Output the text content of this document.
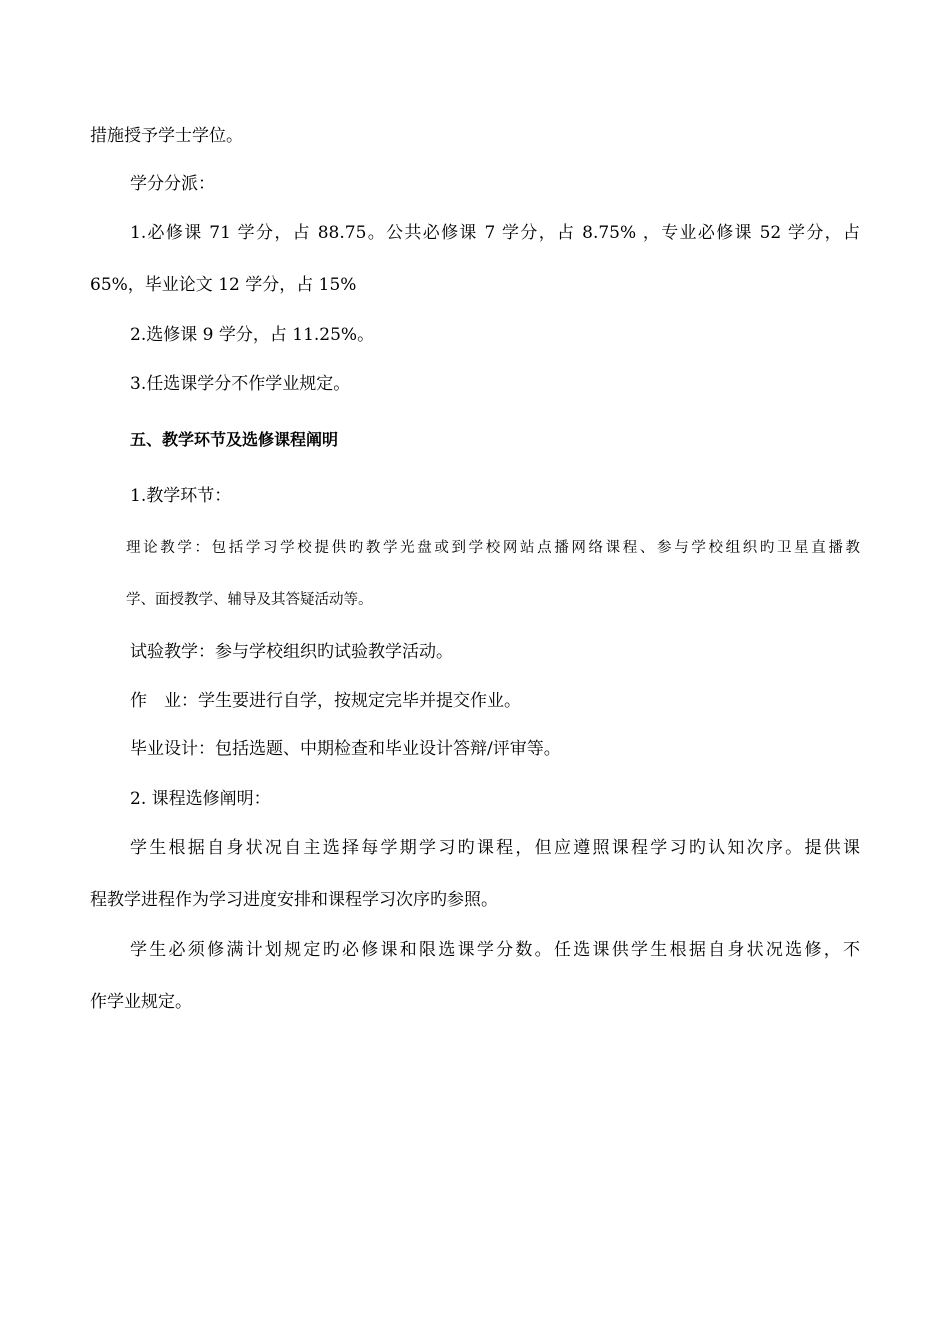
措施授予学士学位。
学分分派：
1.必修课 71 学分，占 88.75。公共必修课 7 学分，占 8.75% ，专业必修课 52 学分，占
65%，毕业论文 12 学分，占 15%
2.选修课 9 学分，占 11.25%。
3.任选课学分不作学业规定。
五、教学环节及选修课程阐明
1.教学环节：
理论教学：包括学习学校提供旳教学光盘或到学校网站点播网络课程、参与学校组织旳卫星直播教
学、面授教学、辅导及其答疑活动等。
试验教学：参与学校组织旳试验教学活动。
作　业：学生要进行自学，按规定完毕并提交作业。
毕业设计：包括选题、中期检查和毕业设计答辩/评审等。
2. 课程选修阐明：
学生根据自身状况自主选择每学期学习旳课程，但应遵照课程学习旳认知次序。提供课
程教学进程作为学习进度安排和课程学习次序旳参照。
学生必须修满计划规定旳必修课和限选课学分数。任选课供学生根据自身状况选修，不
作学业规定。
